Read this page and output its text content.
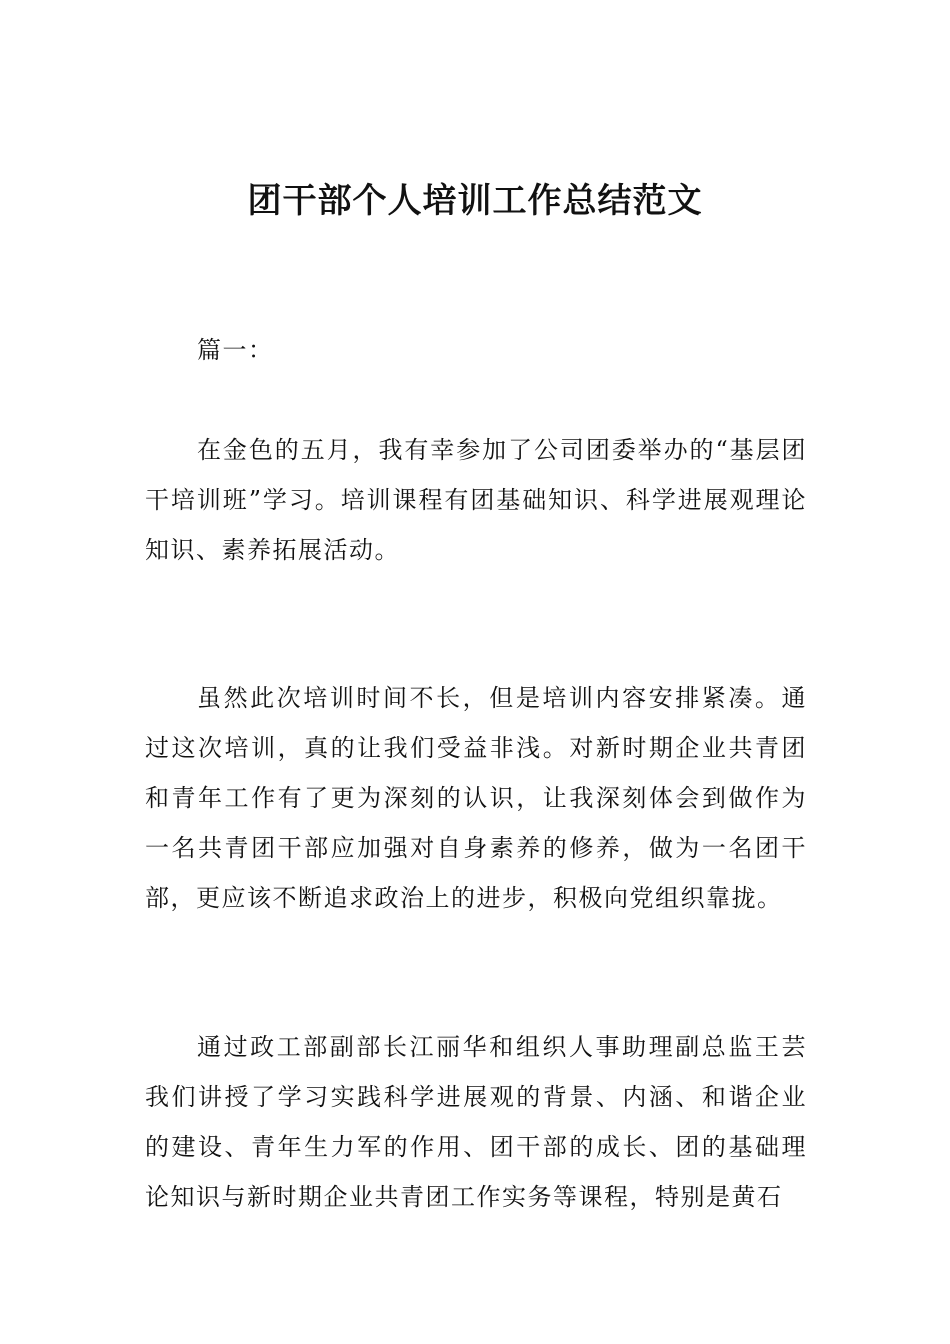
团干部个人培训工作总结范文

篇一：

在金色的五月，我有幸参加了公司团委举办的“基层团干培训班”学习。培训课程有团基础知识、科学进展观理论知识、素养拓展活动。

虽然此次培训时间不长，但是培训内容安排紧凑。通过这次培训，真的让我们受益非浅。对新时期企业共青团和青年工作有了更为深刻的认识，让我深刻体会到做作为一名共青团干部应加强对自身素养的修养，做为一名团干部，更应该不断追求政治上的进步，积极向党组织靠拢。

通过政工部副部长江丽华和组织人事助理副总监王芸我们讲授了学习实践科学进展观的背景、内涵、和谐企业的建设、青年生力军的作用、团干部的成长、团的基础理论知识与新时期企业共青团工作实务等课程，特别是黄石
